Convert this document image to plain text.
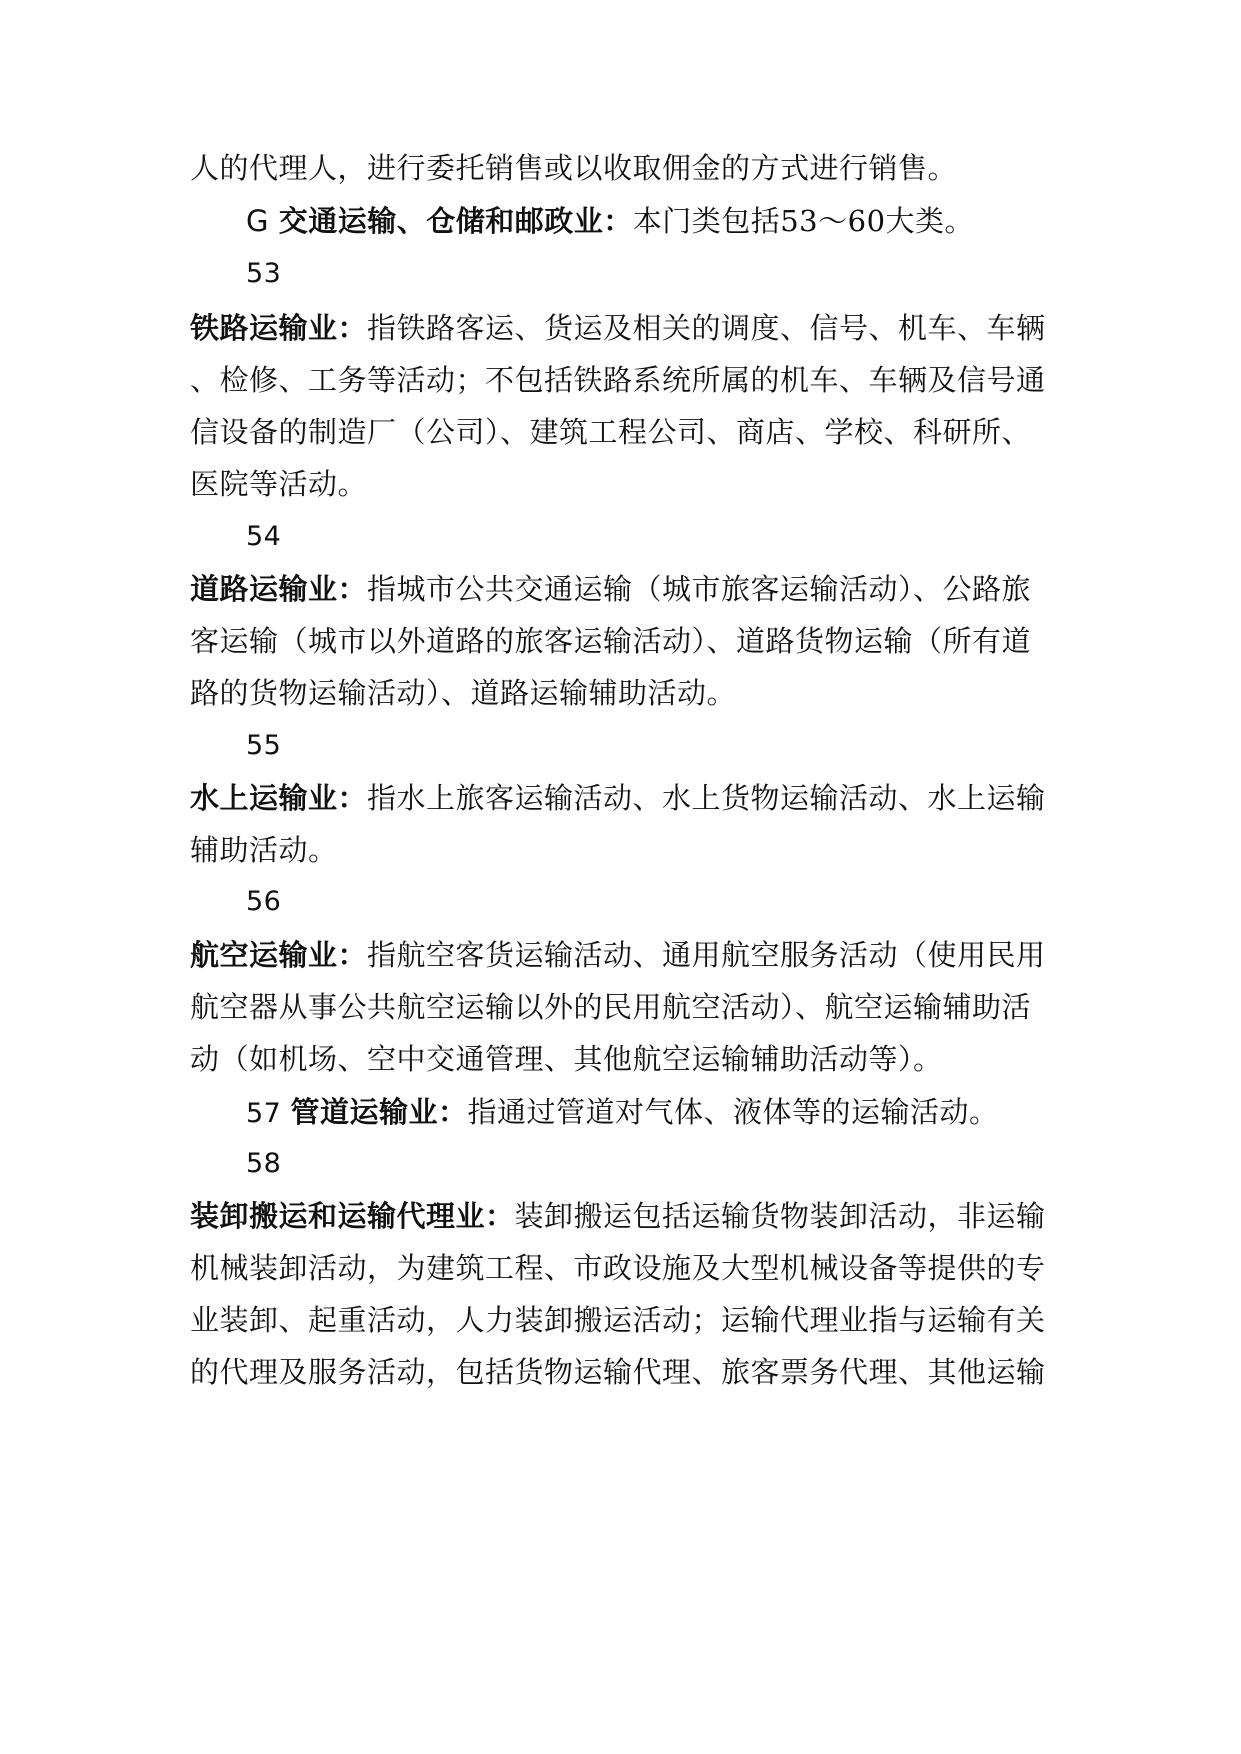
人的代理人，进行委托销售或以收取佣金的方式进行销售。
G 交通运输、仓储和邮政业：本门类包括53～60大类。
53
铁路运输业：指铁路客运、货运及相关的调度、信号、机车、车辆
、检修、工务等活动；不包括铁路系统所属的机车、车辆及信号通
信设备的制造厂（公司）、建筑工程公司、商店、学校、科研所、
医院等活动。
54
道路运输业：指城市公共交通运输（城市旅客运输活动）、公路旅
客运输（城市以外道路的旅客运输活动）、道路货物运输（所有道
路的货物运输活动）、道路运输辅助活动。
55
水上运输业：指水上旅客运输活动、水上货物运输活动、水上运输
辅助活动。
56
航空运输业：指航空客货运输活动、通用航空服务活动（使用民用
航空器从事公共航空运输以外的民用航空活动）、航空运输辅助活
动（如机场、空中交通管理、其他航空运输辅助活动等）。
57 管道运输业：指通过管道对气体、液体等的运输活动。
58
装卸搬运和运输代理业：装卸搬运包括运输货物装卸活动，非运输
机械装卸活动，为建筑工程、市政设施及大型机械设备等提供的专
业装卸、起重活动，人力装卸搬运活动；运输代理业指与运输有关
的代理及服务活动，包括货物运输代理、旅客票务代理、其他运输
